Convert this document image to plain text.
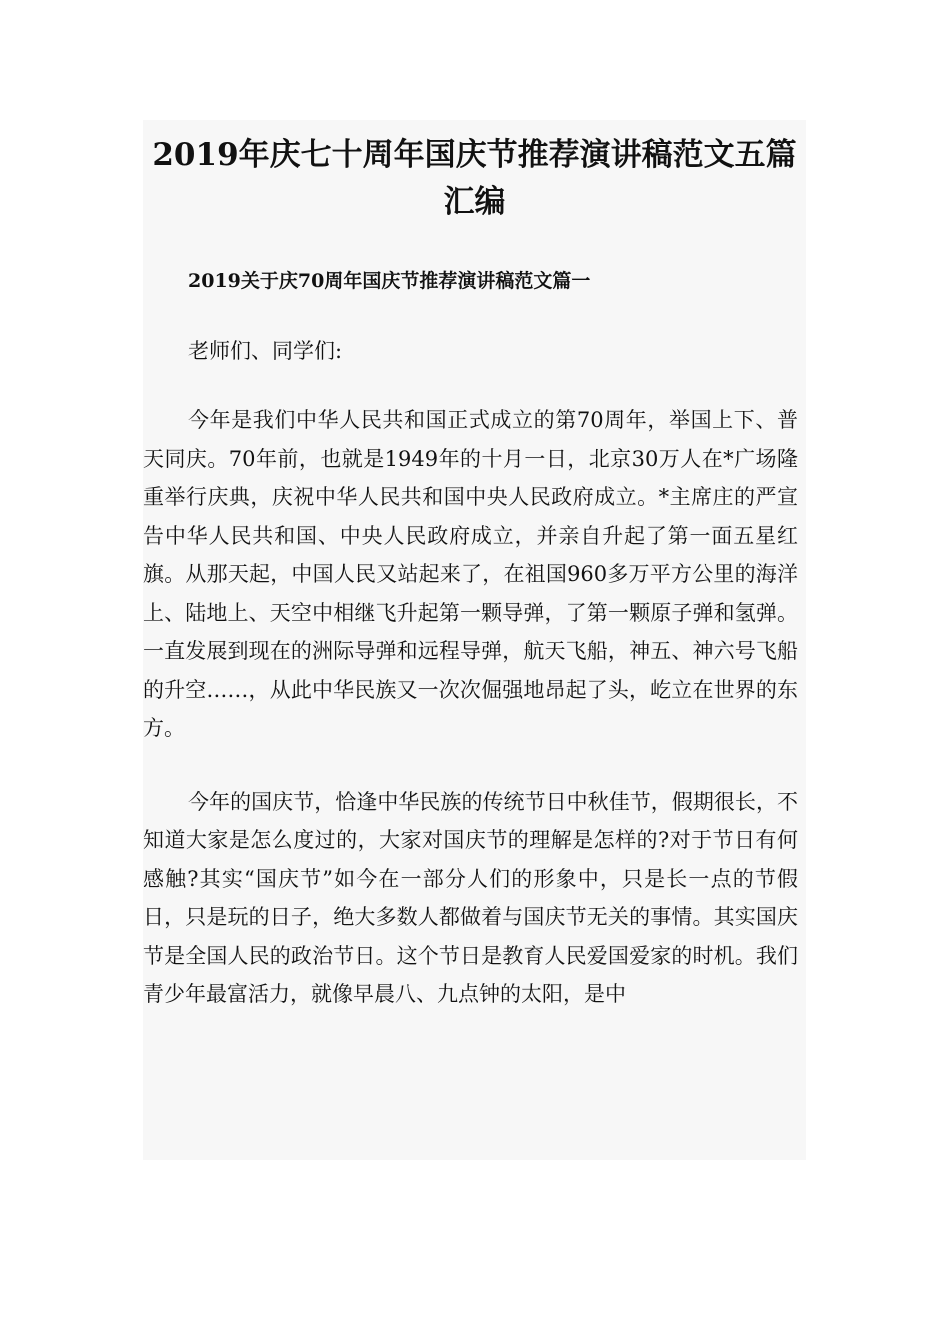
2019年庆七十周年国庆节推荐演讲稿范文五篇汇编
2019关于庆70周年国庆节推荐演讲稿范文篇一

老师们、同学们:

今年是我们中华人民共和国正式成立的第70周年，举国上下、普天同庆。70年前，也就是1949年的十月一日，北京30万人在*广场隆重举行庆典，庆祝中华人民共和国中央人民政府成立。*主席庄的严宣告中华人民共和国、中央人民政府成立，并亲自升起了第一面五星红旗。从那天起，中国人民又站起来了，在祖国960多万平方公里的海洋上、陆地上、天空中相继飞升起第一颗导弹，了第一颗原子弹和氢弹。一直发展到现在的洲际导弹和远程导弹，航天飞船，神五、神六号飞船的升空……，从此中华民族又一次次倔强地昂起了头，屹立在世界的东方。

今年的国庆节，恰逢中华民族的传统节日中秋佳节，假期很长，不知道大家是怎么度过的，大家对国庆节的理解是怎样的?对于节日有何感触?其实“国庆节”如今在一部分人们的形象中，只是长一点的节假日，只是玩的日子，绝大多数人都做着与国庆节无关的事情。其实国庆节是全国人民的政治节日。这个节日是教育人民爱国爱家的时机。我们青少年最富活力，就像早晨八、九点钟的太阳，是中
